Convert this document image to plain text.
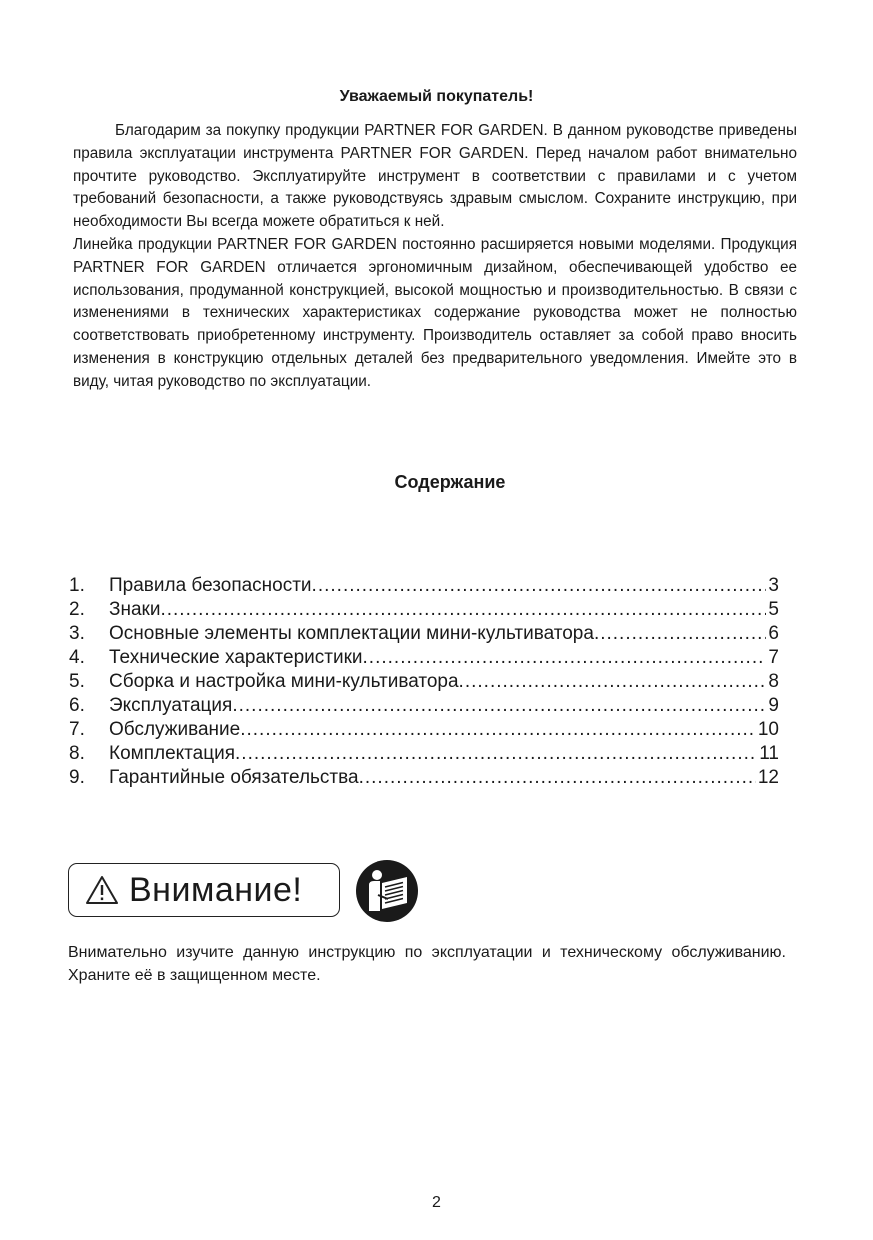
Уважаемый покупатель!

Благодарим за покупку продукции PARTNER FOR GARDEN. В данном руководстве приведены правила эксплуатации инструмента PARTNER FOR GARDEN. Перед началом работ внимательно прочтите руководство. Эксплуатируйте инструмент в соответствии с правилами и с учетом требований безопасности, а также руководствуясь здравым смыслом. Сохраните инструкцию, при необходимости Вы всегда можете обратиться к ней.

Линейка продукции PARTNER FOR GARDEN постоянно расширяется новыми моделями. Продукция PARTNER FOR GARDEN отличается эргономичным дизайном, обеспечивающей удобство ее использования, продуманной конструкцией, высокой мощностью и производительностью. В связи с изменениями в технических характеристиках содержание руководства может не полностью соответствовать приобретенному инструменту. Производитель оставляет за собой право вносить изменения в конструкцию отдельных деталей без предварительного уведомления. Имейте это в виду, читая руководство по эксплуатации.

Содержание
1.	Правила безопасности .....	3
2.	Знаки .....	5
3.	Основные элементы комплектации мини-культиватора .....	6
4.	Технические характеристики .....	7
5.	Сборка и настройка мини-культиватора .....	8
6.	Эксплуатация .....	9
7.	Обслуживание .....	10
8.	Комплектация .....	11
9.	Гарантийные обязательства .....	12
Внимание!

Внимательно изучите данную инструкцию по эксплуатации и техническому обслуживанию. Храните её в защищенном месте.

2
